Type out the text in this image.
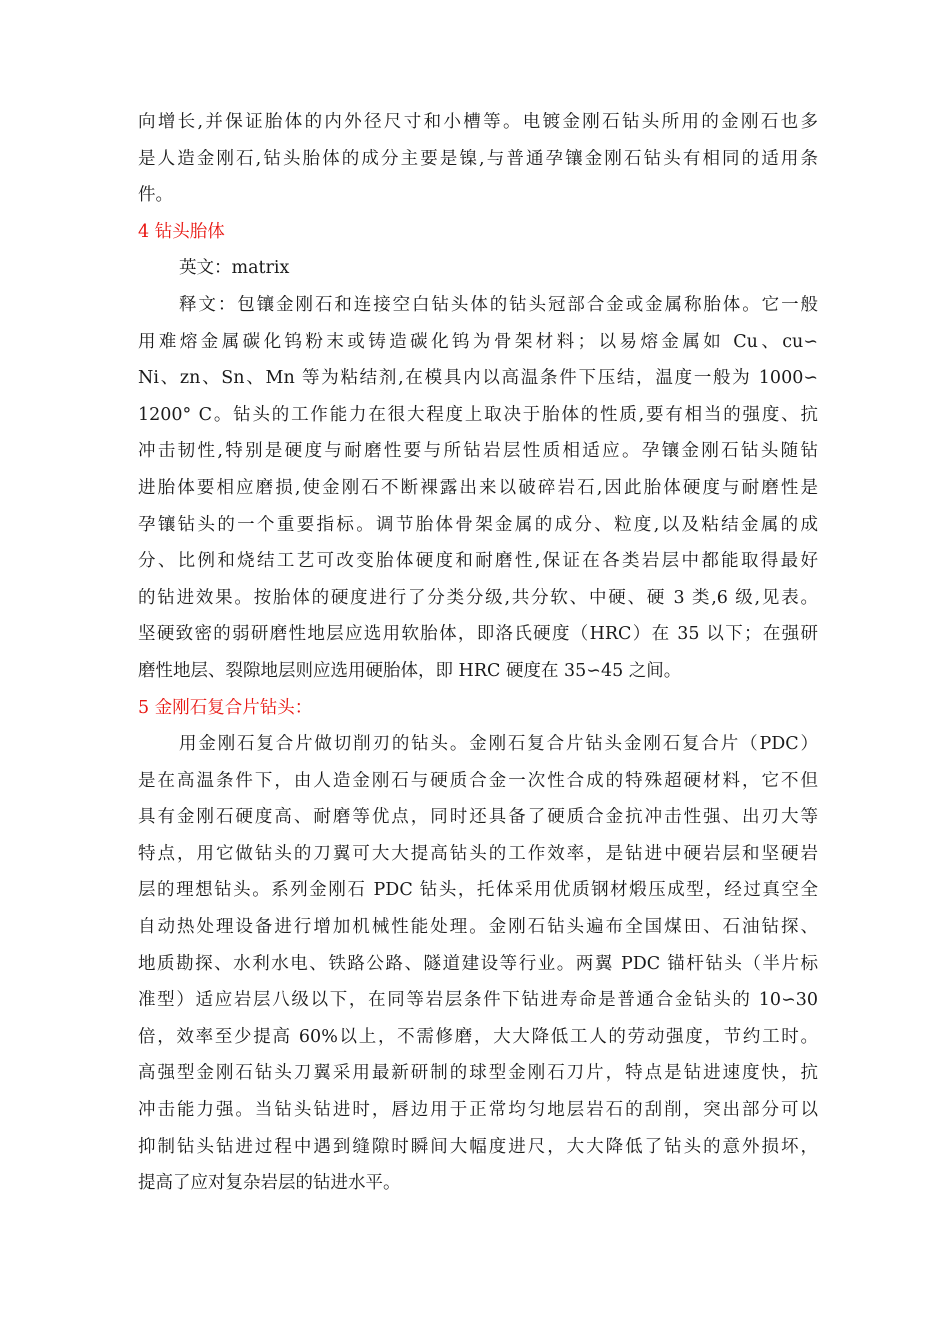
向增长,并保证胎体的内外径尺寸和小槽等。电镀金刚石钻头所用的金刚石也多
是人造金刚石,钻头胎体的成分主要是镍,与普通孕镶金刚石钻头有相同的适用条
件。
4 钻头胎体
英文：matrix
释文：包镶金刚石和连接空白钻头体的钻头冠部合金或金属称胎体。它一般
用难熔金属碳化钨粉末或铸造碳化钨为骨架材料；以易熔金属如 Cu、cu∽
Ni、zn、Sn、Mn 等为粘结剂,在模具内以高温条件下压结，温度一般为 1000∽
1200° C。钻头的工作能力在很大程度上取决于胎体的性质,要有相当的强度、抗
冲击韧性,特别是硬度与耐磨性要与所钻岩层性质相适应。孕镶金刚石钻头随钻
进胎体要相应磨损,使金刚石不断裸露出来以破碎岩石,因此胎体硬度与耐磨性是
孕镶钻头的一个重要指标。调节胎体骨架金属的成分、粒度,以及粘结金属的成
分、比例和烧结工艺可改变胎体硬度和耐磨性,保证在各类岩层中都能取得最好
的钻进效果。按胎体的硬度进行了分类分级,共分软、中硬、硬 3 类,6 级,见表。
坚硬致密的弱研磨性地层应选用软胎体，即洛氏硬度（HRC）在 35 以下；在强研
磨性地层、裂隙地层则应选用硬胎体，即 HRC 硬度在 35∽45 之间。
5 金刚石复合片钻头：
用金刚石复合片做切削刃的钻头。金刚石复合片钻头金刚石复合片（PDC）
是在高温条件下，由人造金刚石与硬质合金一次性合成的特殊超硬材料，它不但
具有金刚石硬度高、耐磨等优点，同时还具备了硬质合金抗冲击性强、出刃大等
特点，用它做钻头的刀翼可大大提高钻头的工作效率，是钻进中硬岩层和坚硬岩
层的理想钻头。系列金刚石 PDC 钻头，托体采用优质钢材煅压成型，经过真空全
自动热处理设备进行增加机械性能处理。金刚石钻头遍布全国煤田、石油钻探、
地质勘探、水利水电、铁路公路、隧道建设等行业。两翼 PDC 锚杆钻头（半片标
准型）适应岩层八级以下，在同等岩层条件下钻进寿命是普通合金钻头的 10∽30
倍，效率至少提高 60%以上，不需修磨，大大降低工人的劳动强度，节约工时。
高强型金刚石钻头刀翼采用最新研制的球型金刚石刀片，特点是钻进速度快，抗
冲击能力强。当钻头钻进时，唇边用于正常均匀地层岩石的刮削，突出部分可以
抑制钻头钻进过程中遇到缝隙时瞬间大幅度进尺，大大降低了钻头的意外损坏，
提高了应对复杂岩层的钻进水平。
